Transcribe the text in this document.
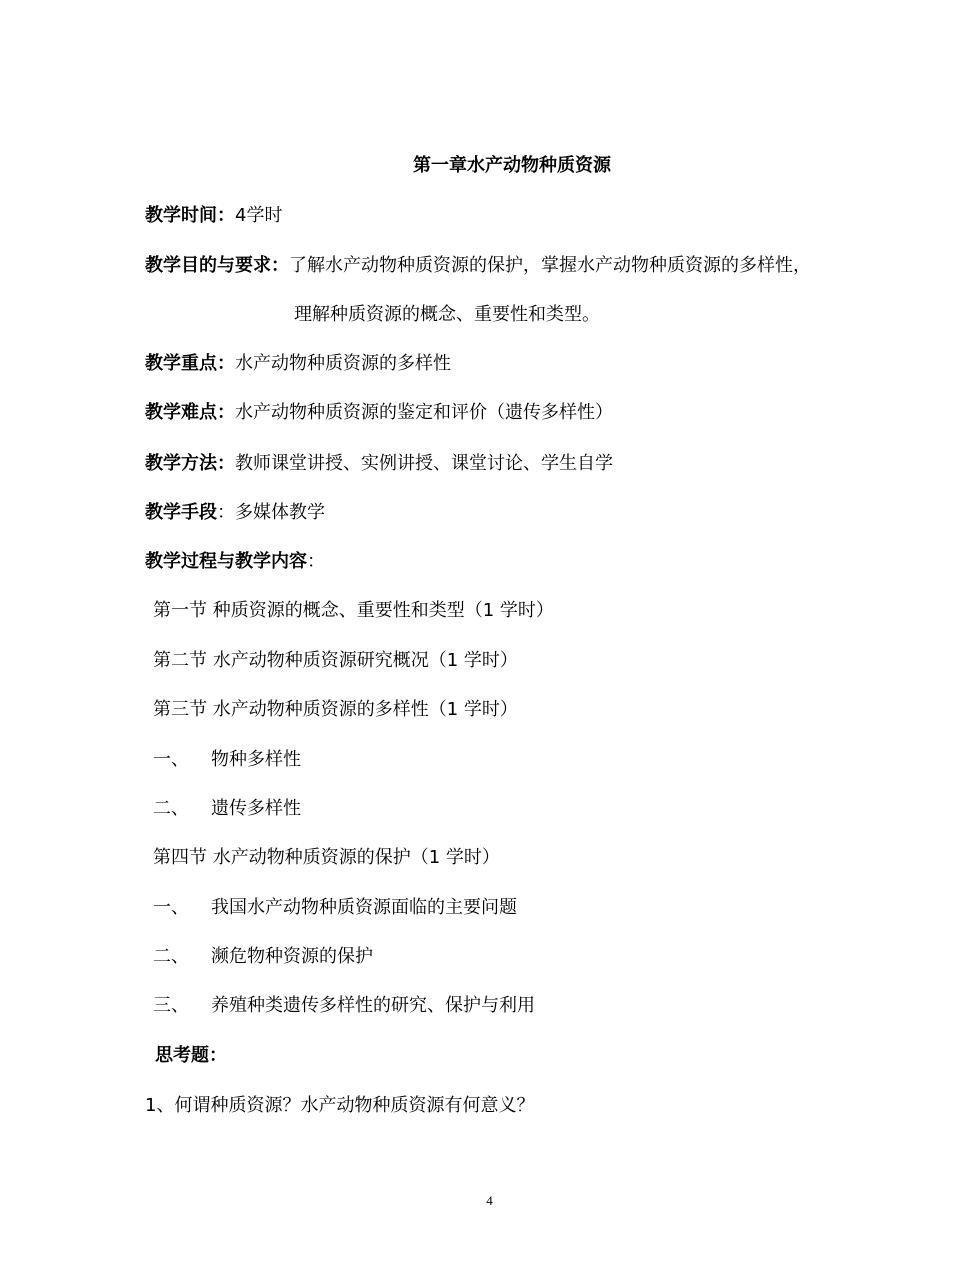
第一章水产动物种质资源
教学时间：4学时
教学目的与要求：了解水产动物种质资源的保护，掌握水产动物种质资源的多样性，
理解种质资源的概念、重要性和类型。
教学重点：水产动物种质资源的多样性
教学难点：水产动物种质资源的鉴定和评价（遗传多样性）
教学方法：教师课堂讲授、实例讲授、课堂讨论、学生自学
教学手段：多媒体教学
教学过程与教学内容：
第一节 种质资源的概念、重要性和类型（1 学时）
第二节 水产动物种质资源研究概况（1 学时）
第三节 水产动物种质资源的多样性（1 学时）
一、 物种多样性
二、 遗传多样性
第四节 水产动物种质资源的保护（1 学时）
一、 我国水产动物种质资源面临的主要问题
二、 濒危物种资源的保护
三、 养殖种类遗传多样性的研究、保护与利用
思考题：
1、何谓种质资源？水产动物种质资源有何意义？
4
